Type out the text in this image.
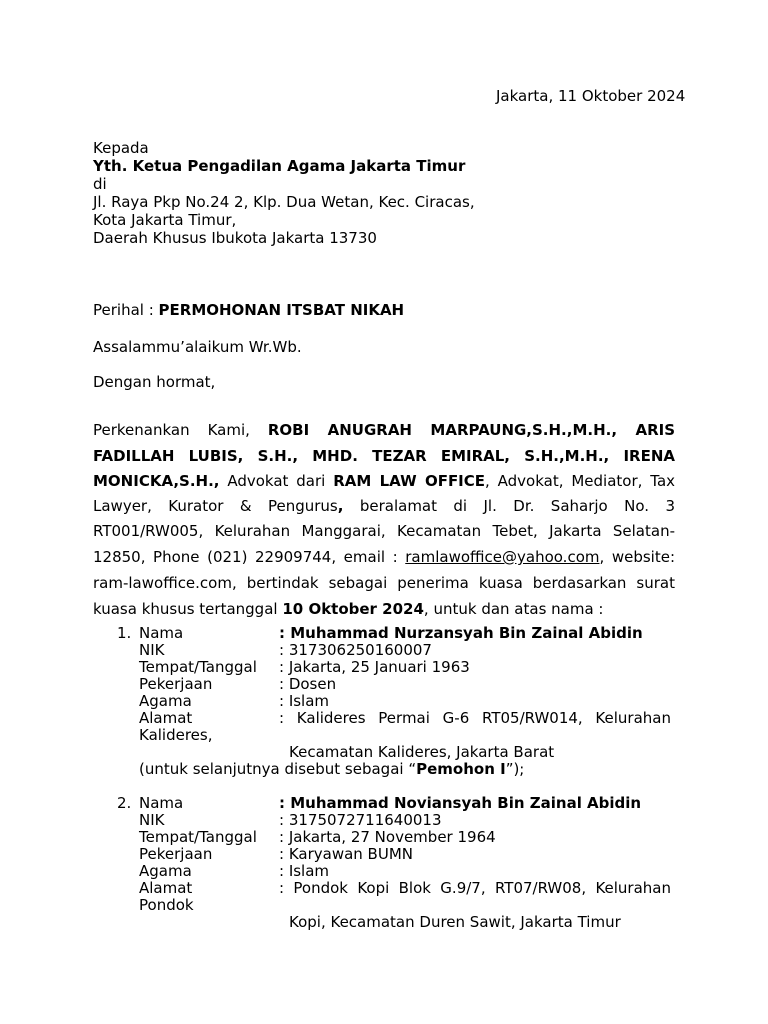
Jakarta, 11 Oktober 2024
Kepada
Yth. Ketua Pengadilan Agama Jakarta Timur
di
Jl. Raya Pkp No.24 2, Klp. Dua Wetan, Kec. Ciracas,
Kota Jakarta Timur,
Daerah Khusus Ibukota Jakarta 13730
Perihal : PERMOHONAN ITSBAT NIKAH
Assalammu’alaikum Wr.Wb.
Dengan hormat,
Perkenankan Kami, ROBI ANUGRAH MARPAUNG,S.H.,M.H., ARIS
FADILLAH LUBIS, S.H., MHD. TEZAR EMIRAL, S.H.,M.H., IRENA
MONICKA,S.H., Advokat dari RAM LAW OFFICE, Advokat, Mediator, Tax
Lawyer, Kurator & Pengurus, beralamat di Jl. Dr. Saharjo No. 3
RT001/RW005, Kelurahan Manggarai, Kecamatan Tebet, Jakarta Selatan-
12850, Phone (021) 22909744, email : ramlawoffice@yahoo.com, website:
ram-lawoffice.com, bertindak sebagai penerima kuasa berdasarkan surat
kuasa khusus tertanggal 10 Oktober 2024, untuk dan atas nama :
1. Nama	: Muhammad Nurzansyah Bin Zainal Abidin
NIK	: 317306250160007
Tempat/Tanggal : Jakarta, 25 Januari 1963
Pekerjaan	: Dosen
Agama	: Islam
Alamat	: Kalideres Permai G-6 RT05/RW014, Kelurahan
Kalideres,
Kecamatan Kalideres, Jakarta Barat
(untuk selanjutnya disebut sebagai “Pemohon I”);
2. Nama	: Muhammad Noviansyah Bin Zainal Abidin
NIK	: 3175072711640013
Tempat/Tanggal : Jakarta, 27 November 1964
Pekerjaan	: Karyawan BUMN
Agama	: Islam
Alamat	: Pondok Kopi Blok G.9/7, RT07/RW08, Kelurahan
Pondok
Kopi, Kecamatan Duren Sawit, Jakarta Timur
